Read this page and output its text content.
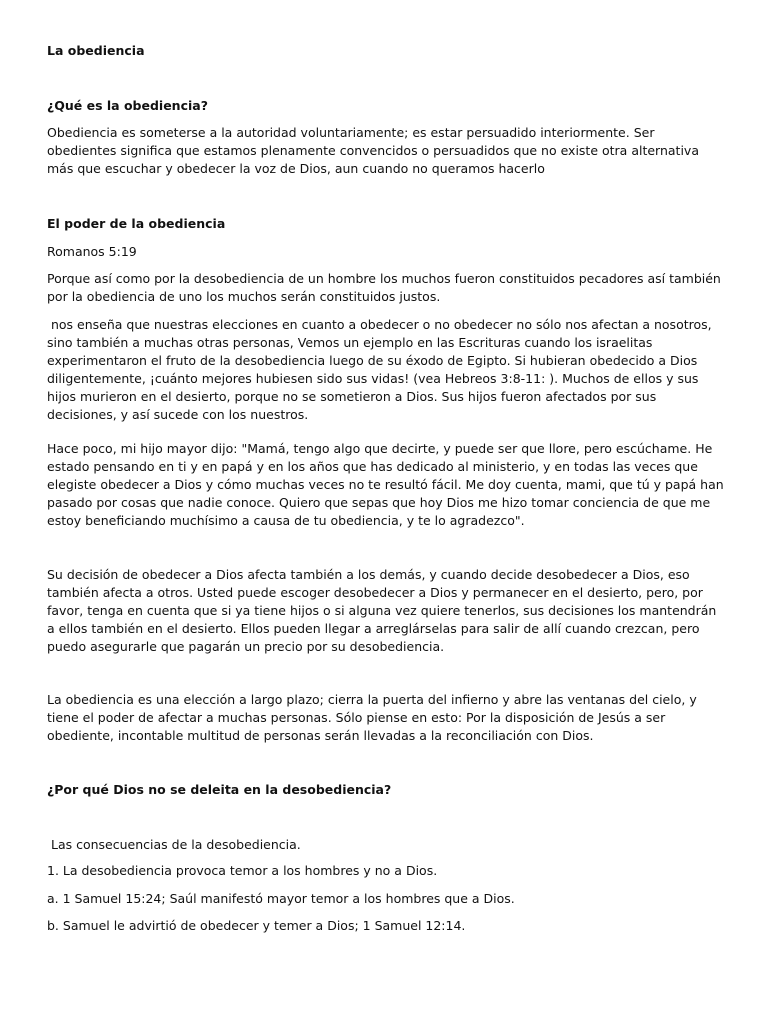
La obediencia

¿Qué es la obediencia?

Obediencia es someterse a la autoridad voluntariamente; es estar persuadido interiormente. Ser obedientes significa que estamos plenamente convencidos o persuadidos que no existe otra alternativa más que escuchar y obedecer la voz de Dios, aun cuando no queramos hacerlo

El poder de la obediencia

Romanos 5:19

Porque así como por la desobediencia de un hombre los muchos fueron constituidos pecadores así también por la obediencia de uno los muchos serán constituidos justos.

nos enseña que nuestras elecciones en cuanto a obedecer o no obedecer no sólo nos afectan a nosotros, sino también a muchas otras personas, Vemos un ejemplo en las Escrituras cuando los israelitas experimentaron el fruto de la desobediencia luego de su éxodo de Egipto. Si hubieran obedecido a Dios diligentemente, ¡cuánto mejores hubiesen sido sus vidas! (vea Hebreos 3:8-11: ). Muchos de ellos y sus hijos murieron en el desierto, porque no se sometieron a Dios. Sus hijos fueron afectados por sus decisiones, y así sucede con los nuestros.

Hace poco, mi hijo mayor dijo: "Mamá, tengo algo que decirte, y puede ser que llore, pero escúchame. He estado pensando en ti y en papá y en los años que has dedicado al ministerio, y en todas las veces que elegiste obedecer a Dios y cómo muchas veces no te resultó fácil. Me doy cuenta, mami, que tú y papá han pasado por cosas que nadie conoce. Quiero que sepas que hoy Dios me hizo tomar conciencia de que me estoy beneficiando muchísimo a causa de tu obediencia, y te lo agradezco".

Su decisión de obedecer a Dios afecta también a los demás, y cuando decide desobedecer a Dios, eso también afecta a otros. Usted puede escoger desobedecer a Dios y permanecer en el desierto, pero, por favor, tenga en cuenta que si ya tiene hijos o si alguna vez quiere tenerlos, sus decisiones los mantendrán a ellos también en el desierto. Ellos pueden llegar a arreglárselas para salir de allí cuando crezcan, pero puedo asegurarle que pagarán un precio por su desobediencia.

La obediencia es una elección a largo plazo; cierra la puerta del infierno y abre las ventanas del cielo, y tiene el poder de afectar a muchas personas. Sólo piense en esto: Por la disposición de Jesús a ser obediente, incontable multitud de personas serán llevadas a la reconciliación con Dios.

¿Por qué Dios no se deleita en la desobediencia?

Las consecuencias de la desobediencia.

1. La desobediencia provoca temor a los hombres y no a Dios.

a. 1 Samuel 15:24; Saúl manifestó mayor temor a los hombres que a Dios.

b. Samuel le advirtió de obedecer y temer a Dios; 1 Samuel 12:14.
